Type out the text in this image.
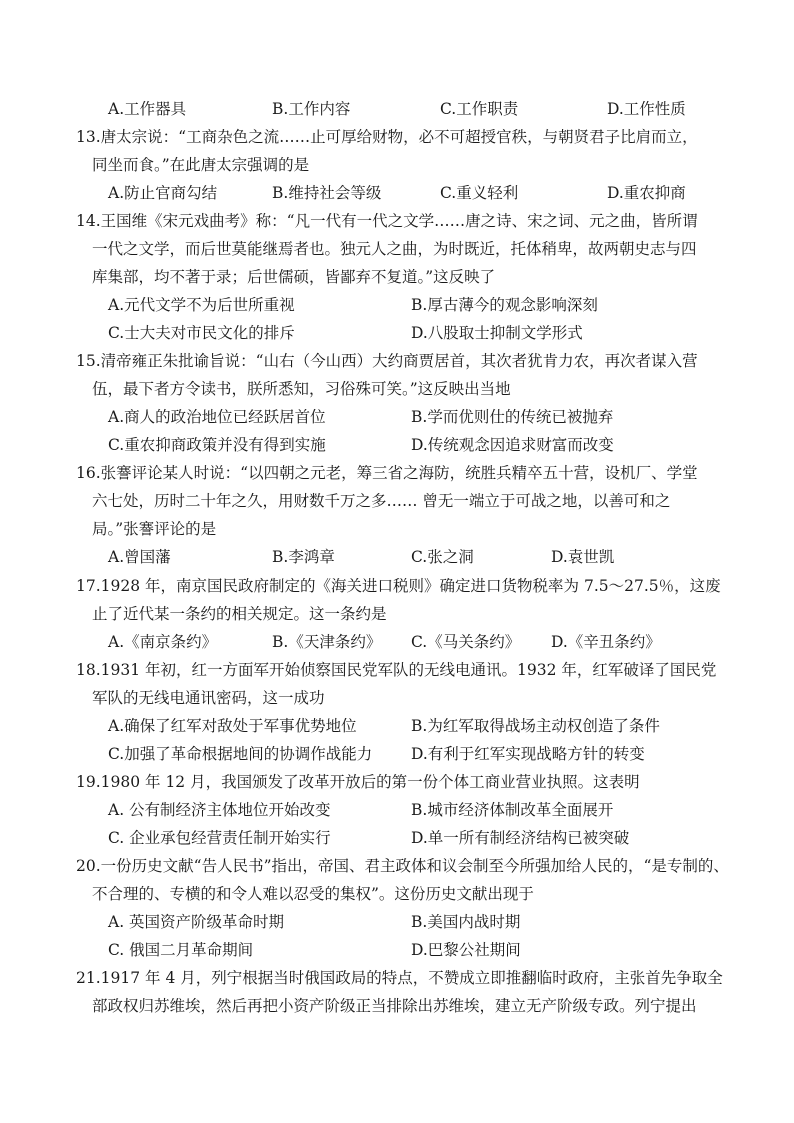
A.工作器具	B.工作内容	C.工作职责	D.工作性质
13.唐太宗说：“工商杂色之流……止可厚给财物，必不可超授官秩，与朝贤君子比肩而立，
同坐而食。”在此唐太宗强调的是
A.防止官商勾结	B.维持社会等级	C.重义轻利	D.重农抑商
14.王国维《宋元戏曲考》称：“凡一代有一代之文学……唐之诗、宋之词、元之曲，皆所谓
一代之文学，而后世莫能继焉者也。独元人之曲，为时既近，托体稍卑，故两朝史志与四
库集部，均不著于录；后世儒硕，皆鄙弃不复道。”这反映了
A.元代文学不为后世所重视	B.厚古薄今的观念影响深刻
C.士大夫对市民文化的排斥	D.八股取士抑制文学形式
15.清帝雍正朱批谕旨说：“山右（今山西）大约商贾居首，其次者犹肯力农，再次者谋入营
伍，最下者方令读书，朕所悉知，习俗殊可笑。”这反映出当地
A.商人的政治地位已经跃居首位	B.学而优则仕的传统已被抛弃
C.重农抑商政策并没有得到实施	D.传统观念因追求财富而改变
16.张謇评论某人时说：“以四朝之元老，筹三省之海防，统胜兵精卒五十营，设机厂、学堂
六七处，历时二十年之久，用财数千万之多…… 曾无一端立于可战之地，以善可和之
局。”张謇评论的是
A.曾国藩	B.李鸿章	C.张之洞	D.袁世凯
17.1928 年，南京国民政府制定的《海关进口税则》确定进口货物税率为 7.5～27.5％，这废
止了近代某一条约的相关规定。这一条约是
A.《南京条约》	B.《天津条约》 C.《马关条约》 D.《辛丑条约》
18.1931 年初，红一方面军开始侦察国民党军队的无线电通讯。1932 年，红军破译了国民党
军队的无线电通讯密码，这一成功
A.确保了红军对敌处于军事优势地位	B.为红军取得战场主动权创造了条件
C.加强了革命根据地间的协调作战能力	D.有利于红军实现战略方针的转变
19.1980 年 12 月，我国颁发了改革开放后的第一份个体工商业营业执照。这表明
A. 公有制经济主体地位开始改变	B.城市经济体制改革全面展开
C. 企业承包经营责任制开始实行	D.单一所有制经济结构已被突破
20.一份历史文献“告人民书”指出，帝国、君主政体和议会制至今所强加给人民的，“是专制的、
不合理的、专横的和令人难以忍受的集权”。这份历史文献出现于
A. 英国资产阶级革命时期	B.美国内战时期
C. 俄国二月革命期间	D.巴黎公社期间
21.1917 年 4 月，列宁根据当时俄国政局的特点，不赞成立即推翻临时政府，主张首先争取全
部政权归苏维埃，然后再把小资产阶级正当排除出苏维埃，建立无产阶级专政。列宁提出
